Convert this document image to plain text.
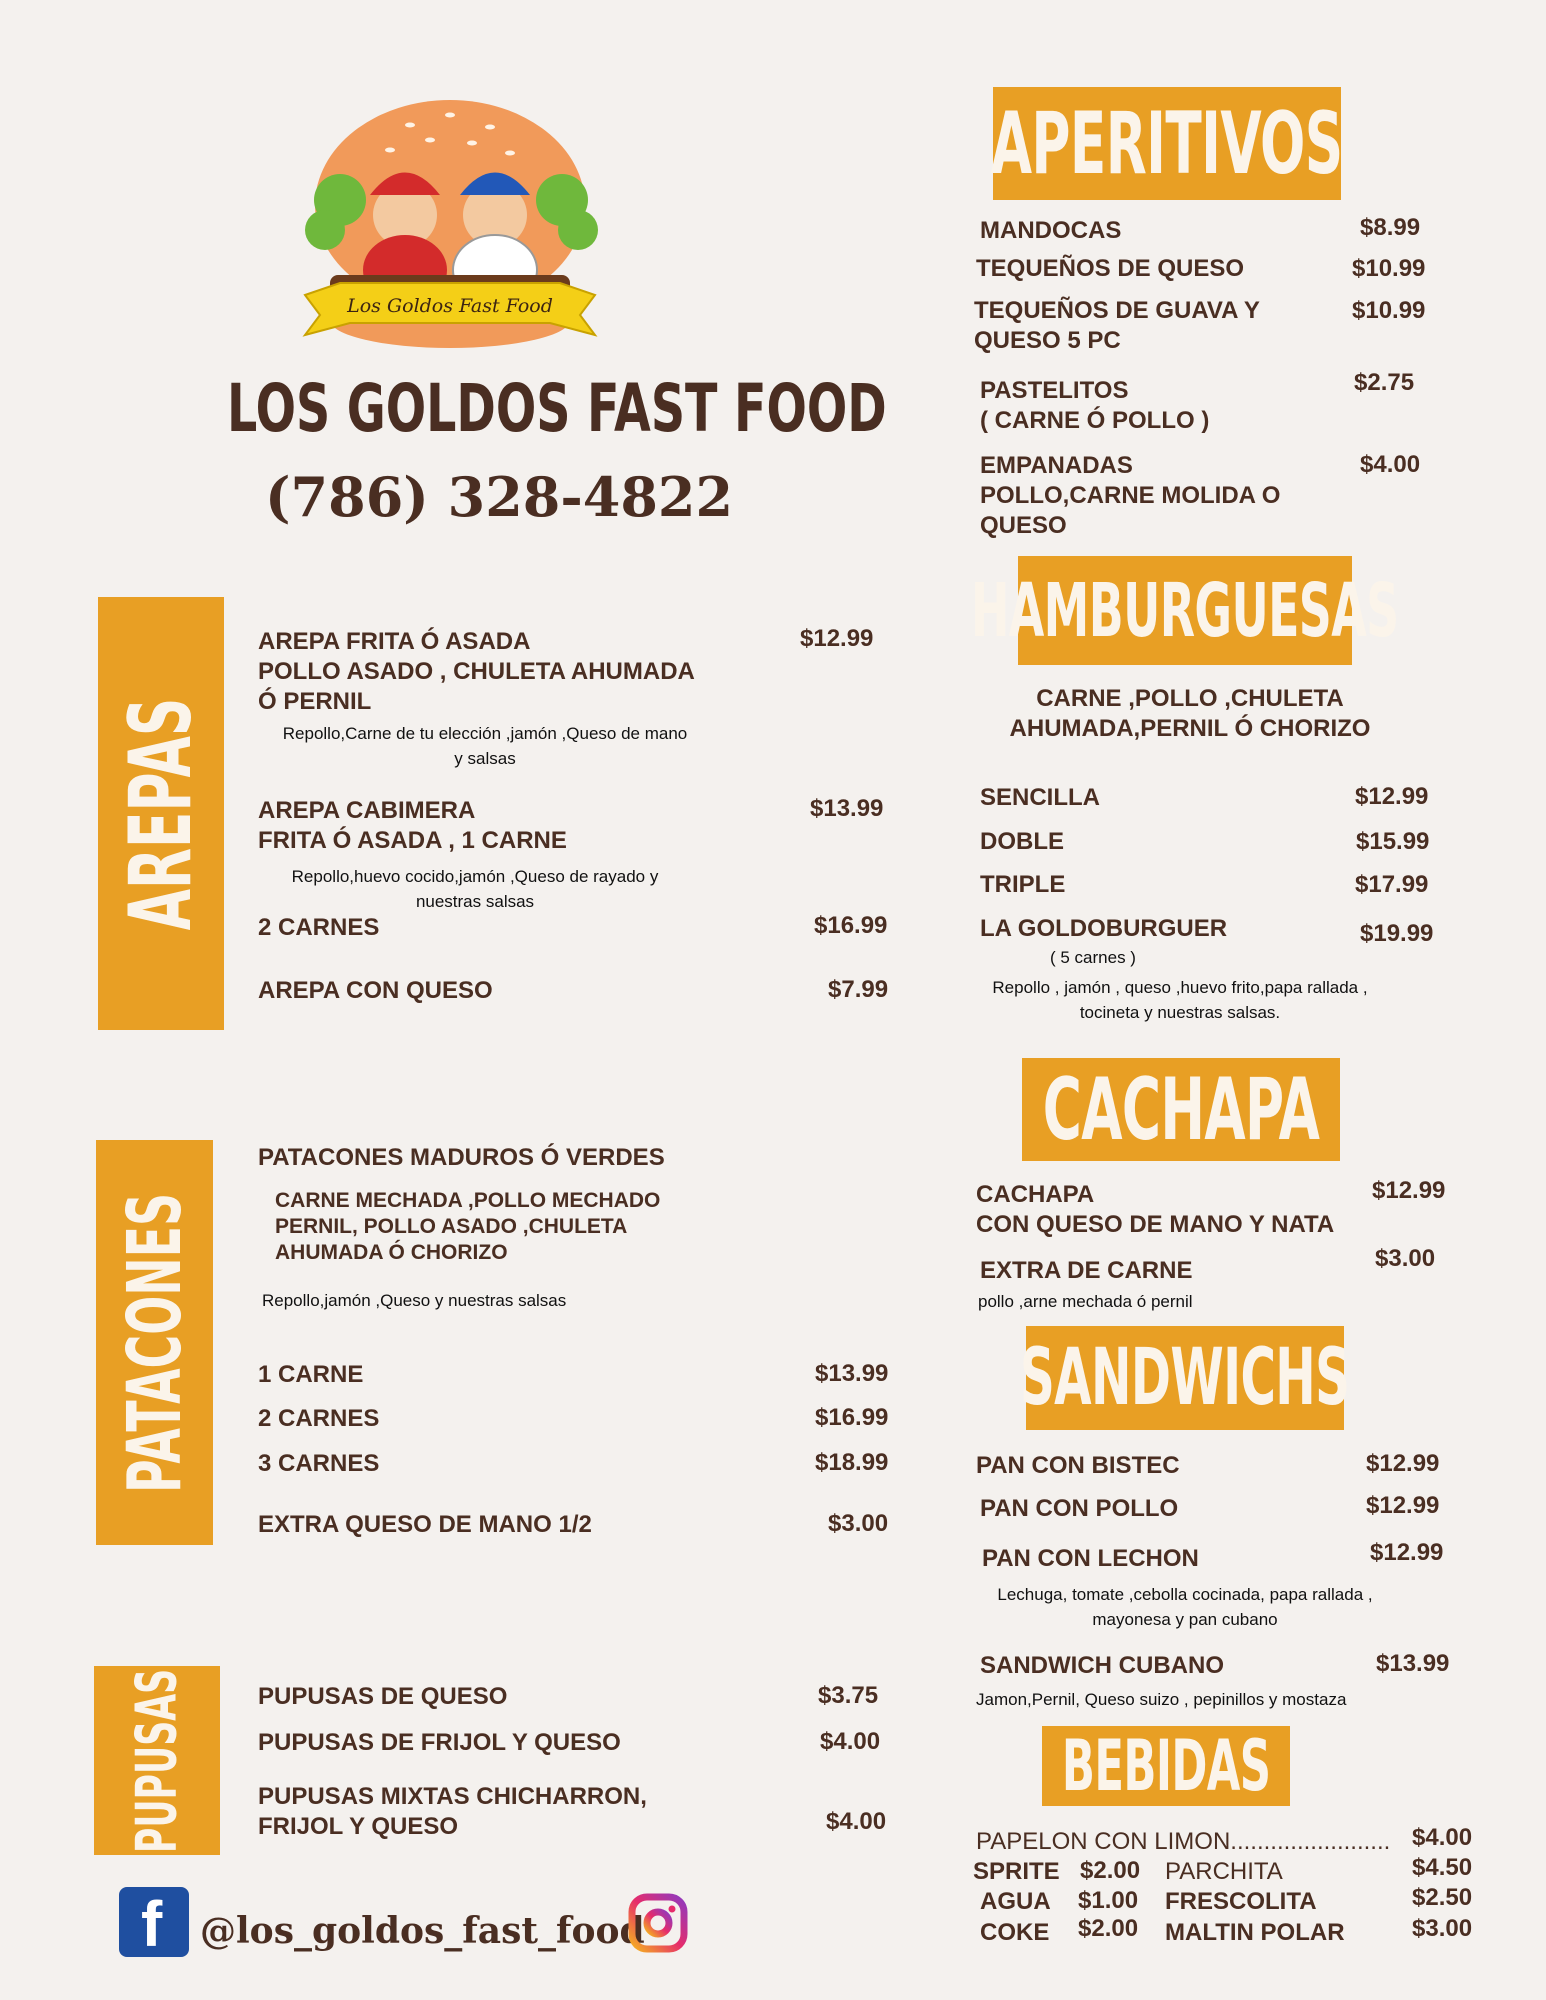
Los Goldos Fast Food
LOS GOLDOS FAST FOOD
(786) 328-4822
AREPAS
AREPA FRITA Ó ASADA
POLLO ASADO , CHULETA AHUMADA
Ó PERNIL
$12.99
Repollo,Carne de tu elección ,jamón ,Queso de mano
y salsas
AREPA CABIMERA
FRITA Ó ASADA , 1 CARNE
$13.99
Repollo,huevo cocido,jamón ,Queso de rayado y
nuestras salsas
2 CARNES	$16.99
AREPA CON QUESO	$7.99
PATACONES
PATACONES MADUROS Ó VERDES
CARNE MECHADA ,POLLO MECHADO
PERNIL, POLLO ASADO ,CHULETA
AHUMADA Ó CHORIZO
Repollo,jamón ,Queso y nuestras salsas
1 CARNE	$13.99
2 CARNES	$16.99
3 CARNES	$18.99
EXTRA QUESO DE MANO 1/2	$3.00
PUPUSAS	PUPUSAS DE QUESO	$3.75
PUPUSAS DE FRIJOL Y QUESO	$4.00
PUPUSAS MIXTAS CHICHARRON,
FRIJOL Y QUESO	$4.00
f @los_goldos_fast_food
APERITIVOS
MANDOCAS	$8.99
TEQUEÑOS DE QUESO	$10.99
TEQUEÑOS DE GUAVA Y
QUESO 5 PC
$10.99
PASTELITOS
( CARNE Ó POLLO )
$2.75
EMPANADAS
POLLO,CARNE MOLIDA O
QUESO
$4.00
HAMBURGUESAS
CARNE ,POLLO ,CHULETA
AHUMADA,PERNIL Ó CHORIZO
SENCILLA	$12.99
DOBLE	$15.99
TRIPLE	$17.99
LA GOLDOBURGUER	$19.99
( 5 carnes )
Repollo , jamón , queso ,huevo frito,papa rallada ,
tocineta y nuestras salsas.
CACHAPA
CACHAPA
CON QUESO DE MANO Y NATA
$12.99
EXTRA DE CARNE	$3.00
pollo ,arne mechada ó pernil
SANDWICHS
PAN CON BISTEC	$12.99
PAN CON POLLO	$12.99
PAN CON LECHON	$12.99
Lechuga, tomate ,cebolla cocinada, papa rallada ,
mayonesa y pan cubano
SANDWICH CUBANO	$13.99
Jamon,Pernil, Queso suizo , pepinillos y mostaza
BEBIDAS
PAPELON CON LIMON........................ $4.00
SPRITE $2.00
AGUA $1.00
COKE $2.00
PARCHITA	$4.50
FRESCOLITA	$2.50
MALTIN POLAR	$3.00
